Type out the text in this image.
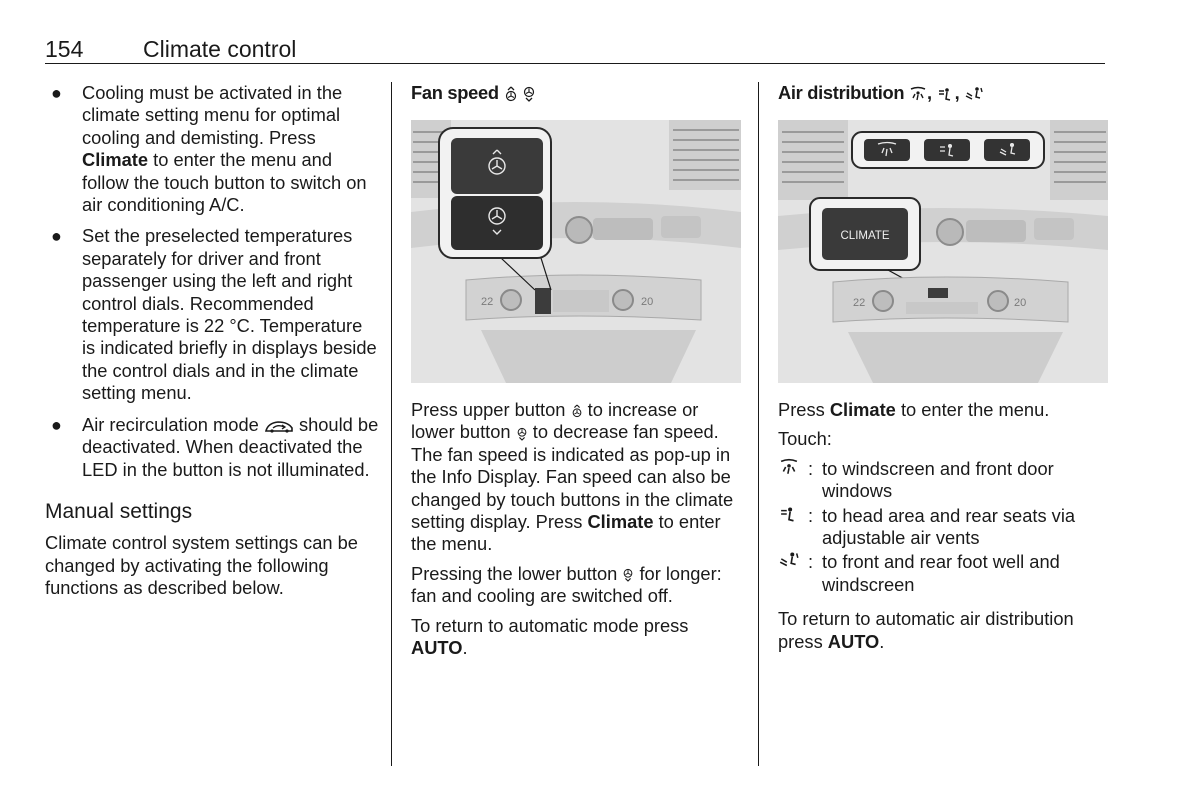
154	Climate control
● Cooling must be activated in the climate setting menu for optimal cooling and demisting. Press Climate to enter the menu and follow the touch button to switch on air conditioning A/C.
● Set the preselected temperatures separately for driver and front passenger using the left and right control dials. Recommended temperature is 22 °C. Temperature is indicated briefly in displays beside the control dials and in the climate setting menu.
● Air recirculation mode  should be deactivated. When deactivated the LED in the button is not illuminated.
Manual settings
Climate control system settings can be changed by activating the following functions as described below.
Fan speed
22	20
Press upper button  to increase or lower button  to decrease fan speed. The fan speed is indicated as pop-up in the Info Display. Fan speed can also be changed by touch buttons in the climate setting display. Press Climate to enter the menu.
Pressing the lower button  for longer: fan and cooling are switched off.
To return to automatic mode press AUTO.
Air distribution , ,
CLIMATE
22	20
Press Climate to enter the menu.
Touch:
: to windscreen and front door windows
: to head area and rear seats via adjustable air vents
: to front and rear foot well and windscreen
To return to automatic air distribution press AUTO.
